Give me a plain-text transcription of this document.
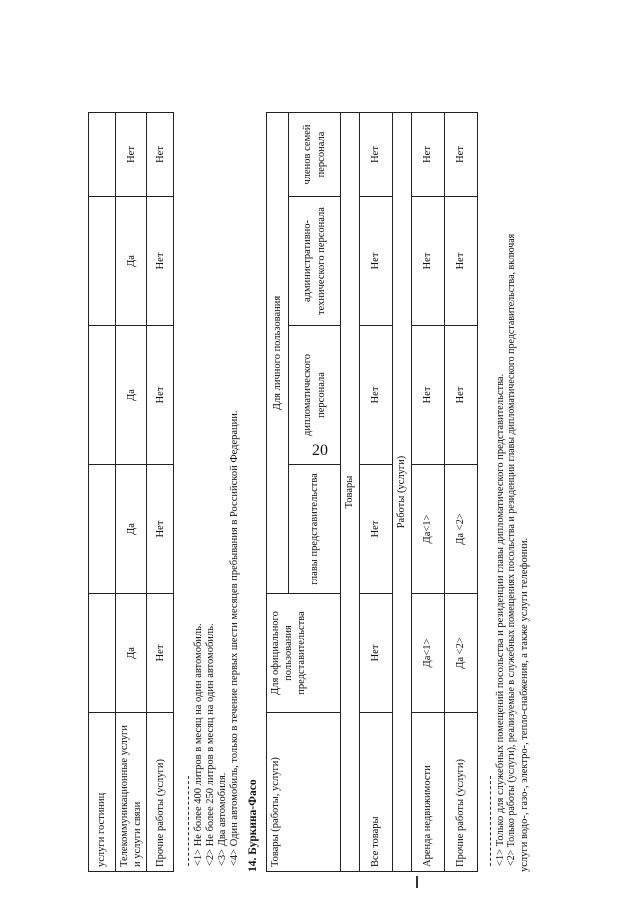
20
услуги гостиниц					
Телекоммуникационные услуги и услуги связи	Да	Да	Да	Да	Нет
Прочие работы (услуги)	Нет	Нет	Нет	Нет	Нет
<1> Не более 400 литров в месяц на один автомобиль. <2> Не более 250 литров в месяц на один автомобиль. <3> Два автомобиля. <4> Один автомобиль, только в течение первых шести месяцев пребывания в Российской Федерации. 14. Буркина-Фасо Товары (работы, услуги)	Для официального пользования представительства	Для личного пользования			
		главы представительства	дипломатического персонала	административно-технического персонала	членов семей персонала
Товары					
Все товары	Нет	Нет	Нет	Нет	Нет
Работы (услуги)					
Аренда недвижимости	Да<1>	Да<1>	Нет	Нет	Нет
Прочие работы (услуги)	Да <2>	Да <2>	Нет	Нет	Нет
<1> Только для служебных помещений посольства и резиденции главы дипломатического представительства. <2> Только работы (услуги), реализуемые в служебных помещениях посольства и резиденции главы дипломатического представительства, включая услуги водо-, газо-, электро-, тепло-снабжения, а также услуги телефонии.
